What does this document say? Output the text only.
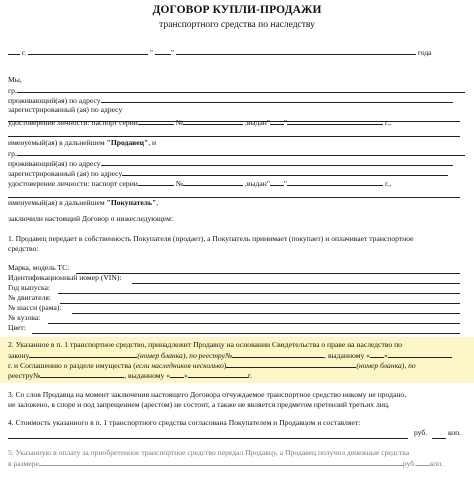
ДОГОВОР КУПЛИ-ПРОДАЖИ
транспортного средства по наследству
г.	" "	года
Мы,
гр.
проживающий(ая) по адресу
зарегистрированный (ая) по адресу
удостоверение личности: паспорт серии	№	,выдан" "	г.,
именуемый(ая) в дальнейшем "Продавец", и
гр.
проживающий(ая) по адресу
зарегистрированный (ая) по адресу
удостоверение личности: паспорт серии	№	,выдан" "	г.,
именуемый(ая) в дальнейшем "Покупатель",
заключили настоящий Договор о нижеследующем:
1. Продавец передает в собственность Покупателя (продает), а Покупатель принимает (покупает) и оплачивает транспортное
средство:
Марка, модель ТС:
Идентификационный номер (VIN):
Год выпуска:
№ двигателя:
№ шасси (рама):
№ кузова:
Цвет:
2. Указанное в п. 1 транспортное средство, принадлежит Продавцу на основании Свидетельства о праве на наследство по
закону	(номер бланка), по реестру№	, выданному « »
г. и Соглашению о разделе имущества (если наследников несколько)	(номер бланка), по
реестру№	, выданному « »	г.
3. Со слов Продавца на момент заключения настоящего Договора отчуждаемое транспортное средство никому не продано,
не заложено, в споре и под запрещением (арестом) не состоит, а также не является предметом претензий третьих лиц.
4. Стоимость указанного в п. 1 транспортного средства согласована Покупателем и Продавцом и составляет:
руб.	коп.
5. Указанную в оплату за приобретенное транспортное средство передал Продавцу, а Продавец получил денежные средства
в размере	руб. коп.
